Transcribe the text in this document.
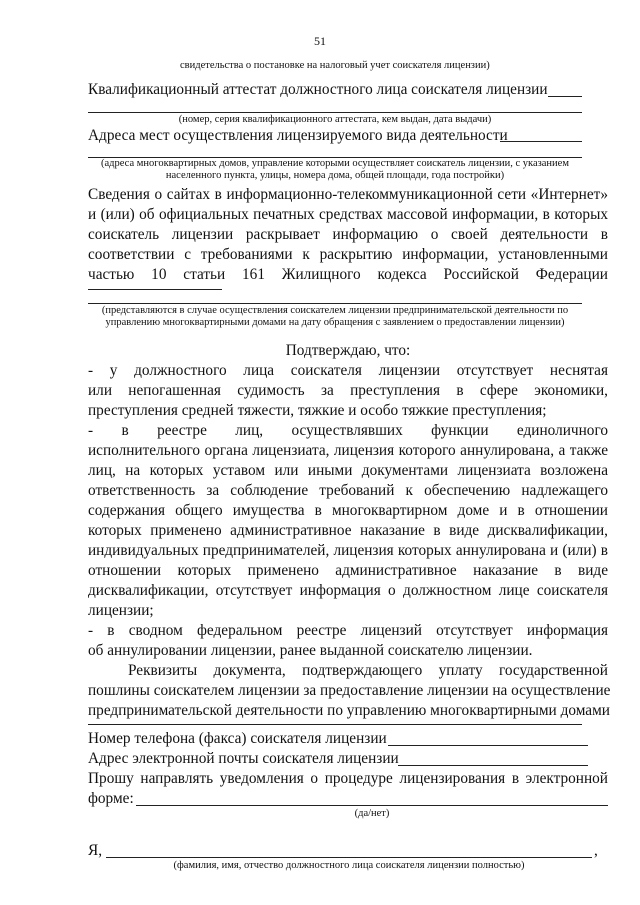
51
свидетельства о постановке на налоговый учет соискателя лицензии)
Квалификационный аттестат должностного лица соискателя лицензии
(номер, серия квалификационного аттестата, кем выдан, дата выдачи)
Адреса мест осуществления лицензируемого вида деятельности
(адреса многоквартирных домов, управление которыми осуществляет соискатель лицензии, с указанием
населенного пункта, улицы, номера дома, общей площади, года постройки)
Сведения о сайтах в информационно-телекоммуникационной сети «Интернет»
и (или) об официальных печатных средствах массовой информации, в которых
соискатель лицензии раскрывает информацию о своей деятельности в
соответствии с требованиями к раскрытию информации, установленными
частью 10 статьи 161 Жилищного кодекса Российской Федерации
(представляются в случае осуществления соискателем лицензии предпринимательской деятельности по
управлению многоквартирными домами на дату обращения с заявлением о предоставлении лицензии)
Подтверждаю, что:
- у должностного лица соискателя лицензии отсутствует неснятая
или непогашенная судимость за преступления в сфере экономики,
преступления средней тяжести, тяжкие и особо тяжкие преступления;
- в реестре лиц, осуществлявших функции единоличного
исполнительного органа лицензиата, лицензия которого аннулирована, а также
лиц, на которых уставом или иными документами лицензиата возложена
ответственность за соблюдение требований к обеспечению надлежащего
содержания общего имущества в многоквартирном доме и в отношении
которых применено административное наказание в виде дисквалификации,
индивидуальных предпринимателей, лицензия которых аннулирована и (или) в
отношении которых применено административное наказание в виде
дисквалификации, отсутствует информация о должностном лице соискателя
лицензии;
- в сводном федеральном реестре лицензий отсутствует информация
об аннулировании лицензии, ранее выданной соискателю лицензии.
Реквизиты документа, подтверждающего уплату государственной
пошлины соискателем лицензии за предоставление лицензии на осуществление
предпринимательской деятельности по управлению многоквартирными домами
Номер телефона (факса) соискателя лицензии
Адрес электронной почты соискателя лицензии
Прошу направлять уведомления о процедуре лицензирования в электронной
форме:
(да/нет)
Я,	,
(фамилия, имя, отчество должностного лица соискателя лицензии полностью)
